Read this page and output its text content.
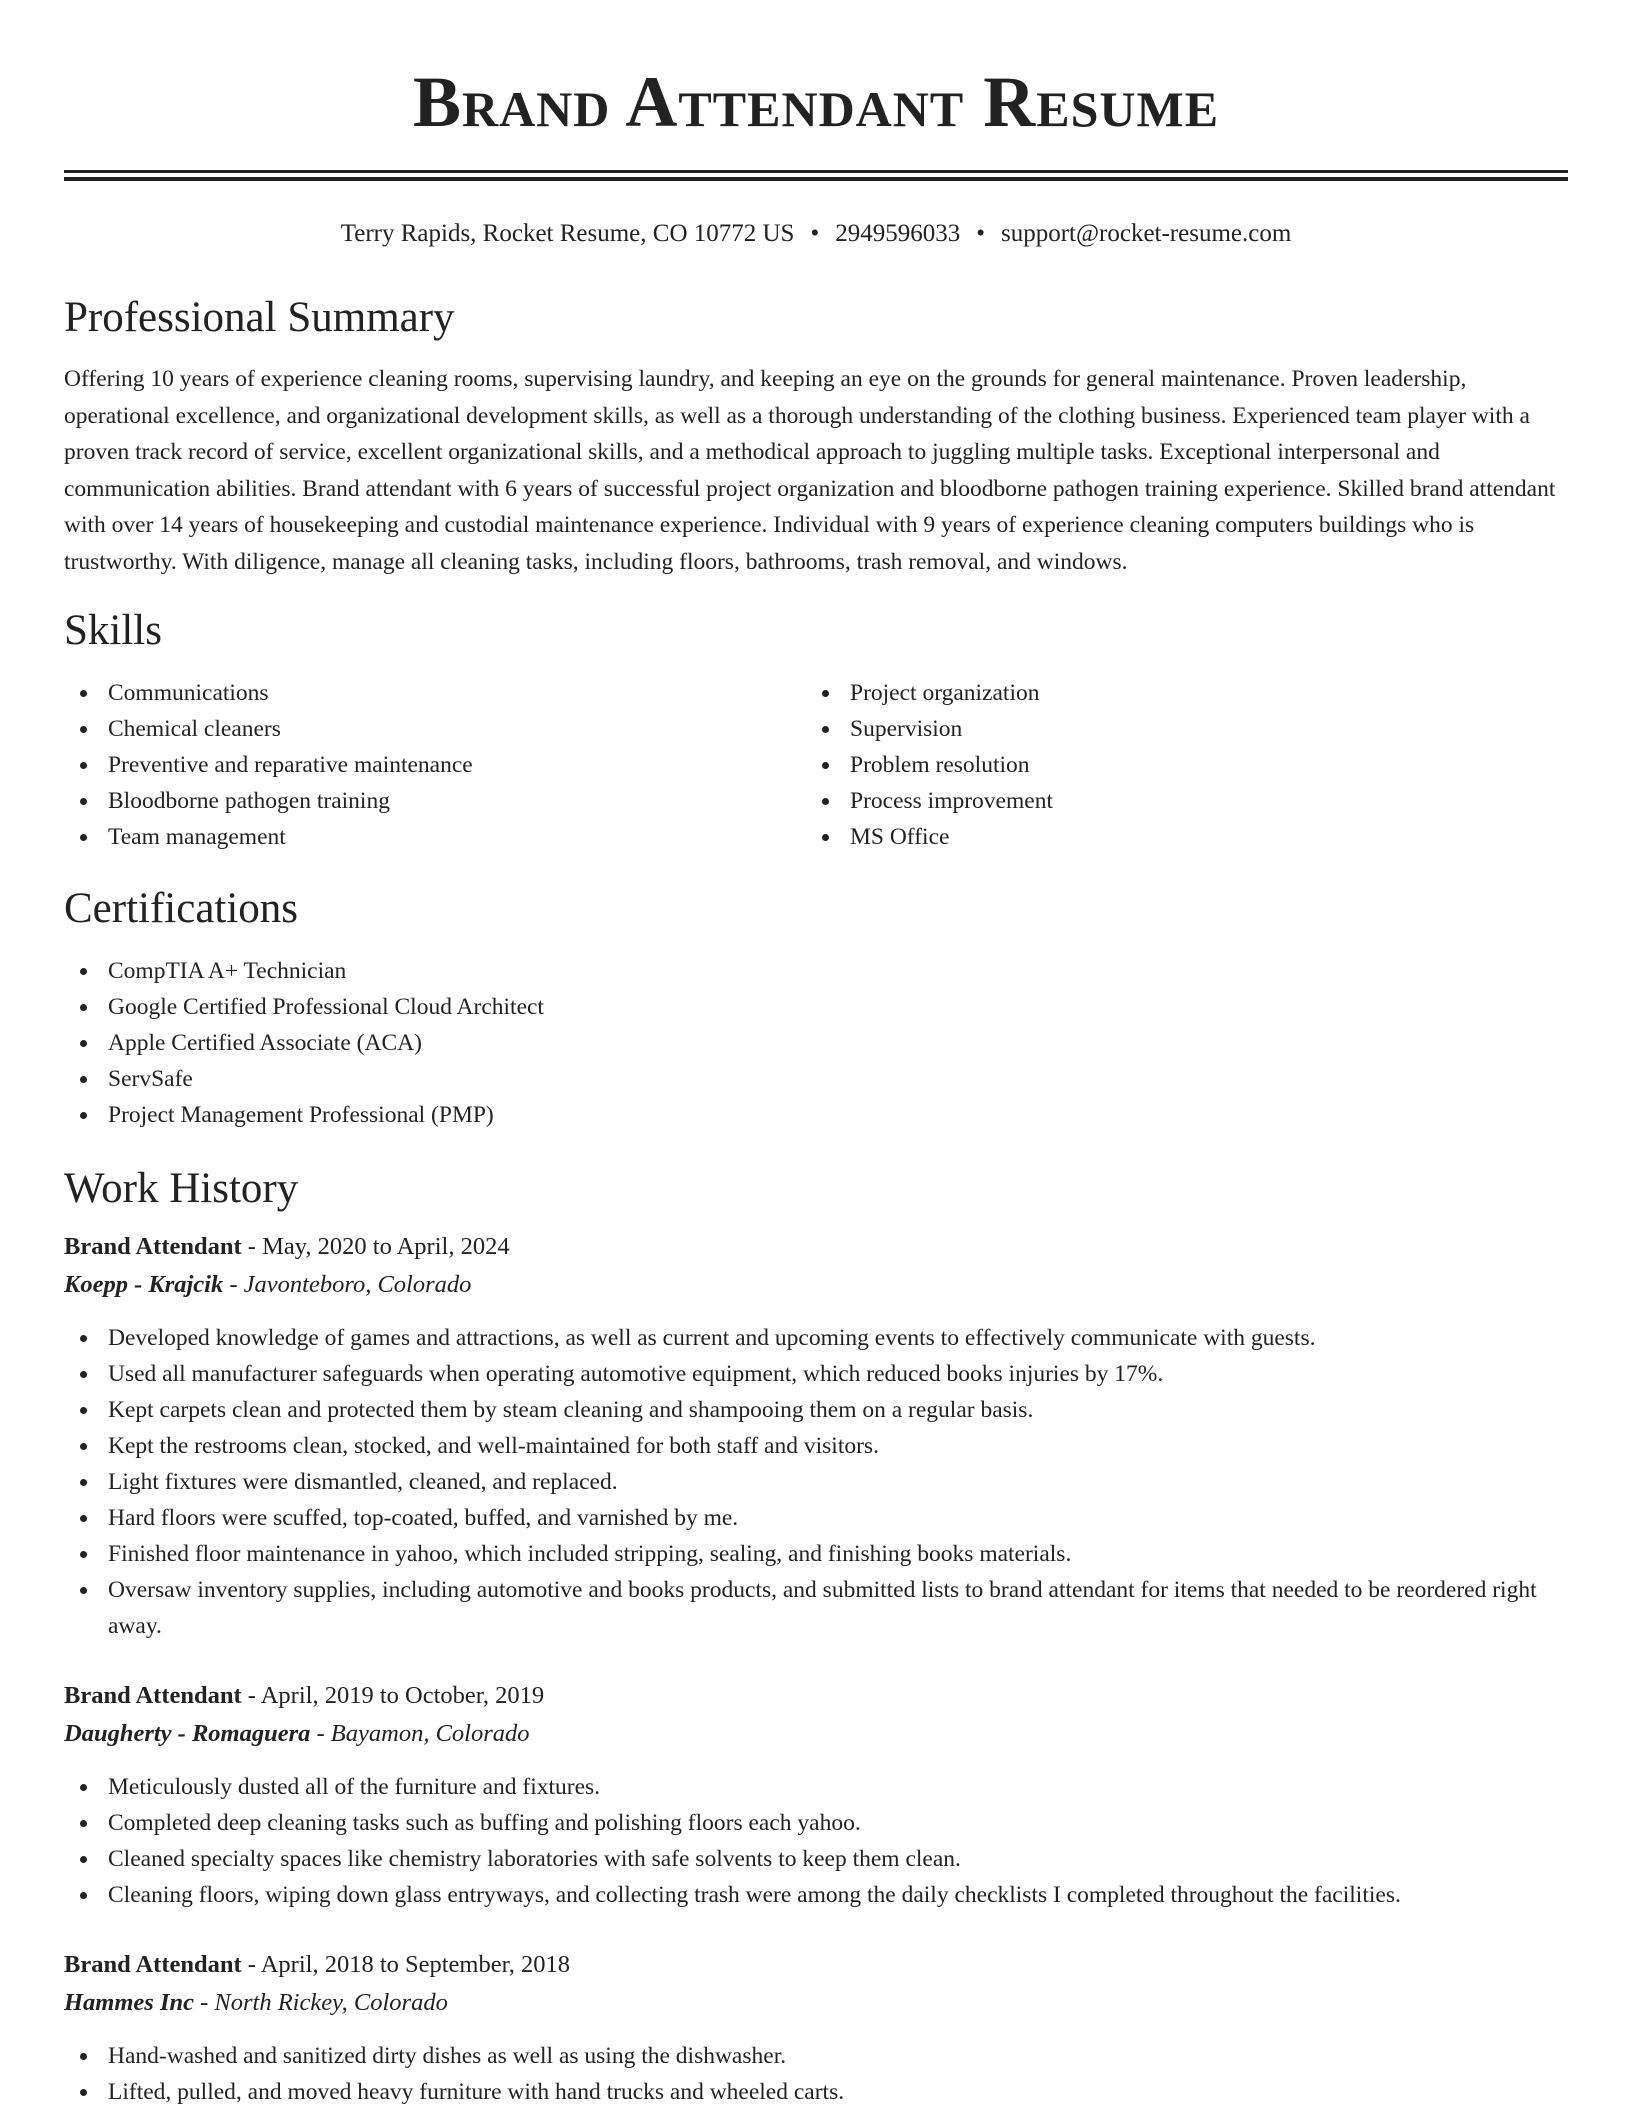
Brand Attendant Resume
Terry Rapids, Rocket Resume, CO 10772 US • 2949596033 • support@rocket-resume.com
Professional Summary

Offering 10 years of experience cleaning rooms, supervising laundry, and keeping an eye on the grounds for general maintenance. Proven leadership, operational excellence, and organizational development skills, as well as a thorough understanding of the clothing business. Experienced team player with a proven track record of service, excellent organizational skills, and a methodical approach to juggling multiple tasks. Exceptional interpersonal and communication abilities. Brand attendant with 6 years of successful project organization and bloodborne pathogen training experience. Skilled brand attendant with over 14 years of housekeeping and custodial maintenance experience. Individual with 9 years of experience cleaning computers buildings who is trustworthy. With diligence, manage all cleaning tasks, including floors, bathrooms, trash removal, and windows.

Skills
Communications
Chemical cleaners
Preventive and reparative maintenance
Bloodborne pathogen training
Team management
Project organization
Supervision
Problem resolution
Process improvement
MS Office
Certifications
CompTIA A+ Technician
Google Certified Professional Cloud Architect
Apple Certified Associate (ACA)
ServSafe
Project Management Professional (PMP)
Work History
Brand Attendant - May, 2020 to April, 2024
Koepp - Krajcik - Javonteboro, Colorado
Developed knowledge of games and attractions, as well as current and upcoming events to effectively communicate with guests.
Used all manufacturer safeguards when operating automotive equipment, which reduced books injuries by 17%.
Kept carpets clean and protected them by steam cleaning and shampooing them on a regular basis.
Kept the restrooms clean, stocked, and well-maintained for both staff and visitors.
Light fixtures were dismantled, cleaned, and replaced.
Hard floors were scuffed, top-coated, buffed, and varnished by me.
Finished floor maintenance in yahoo, which included stripping, sealing, and finishing books materials.
Oversaw inventory supplies, including automotive and books products, and submitted lists to brand attendant for items that needed to be reordered right away.
Brand Attendant - April, 2019 to October, 2019
Daugherty - Romaguera - Bayamon, Colorado
Meticulously dusted all of the furniture and fixtures.
Completed deep cleaning tasks such as buffing and polishing floors each yahoo.
Cleaned specialty spaces like chemistry laboratories with safe solvents to keep them clean.
Cleaning floors, wiping down glass entryways, and collecting trash were among the daily checklists I completed throughout the facilities.
Brand Attendant - April, 2018 to September, 2018
Hammes Inc - North Rickey, Colorado
Hand-washed and sanitized dirty dishes as well as using the dishwasher.
Lifted, pulled, and moved heavy furniture with hand trucks and wheeled carts.
